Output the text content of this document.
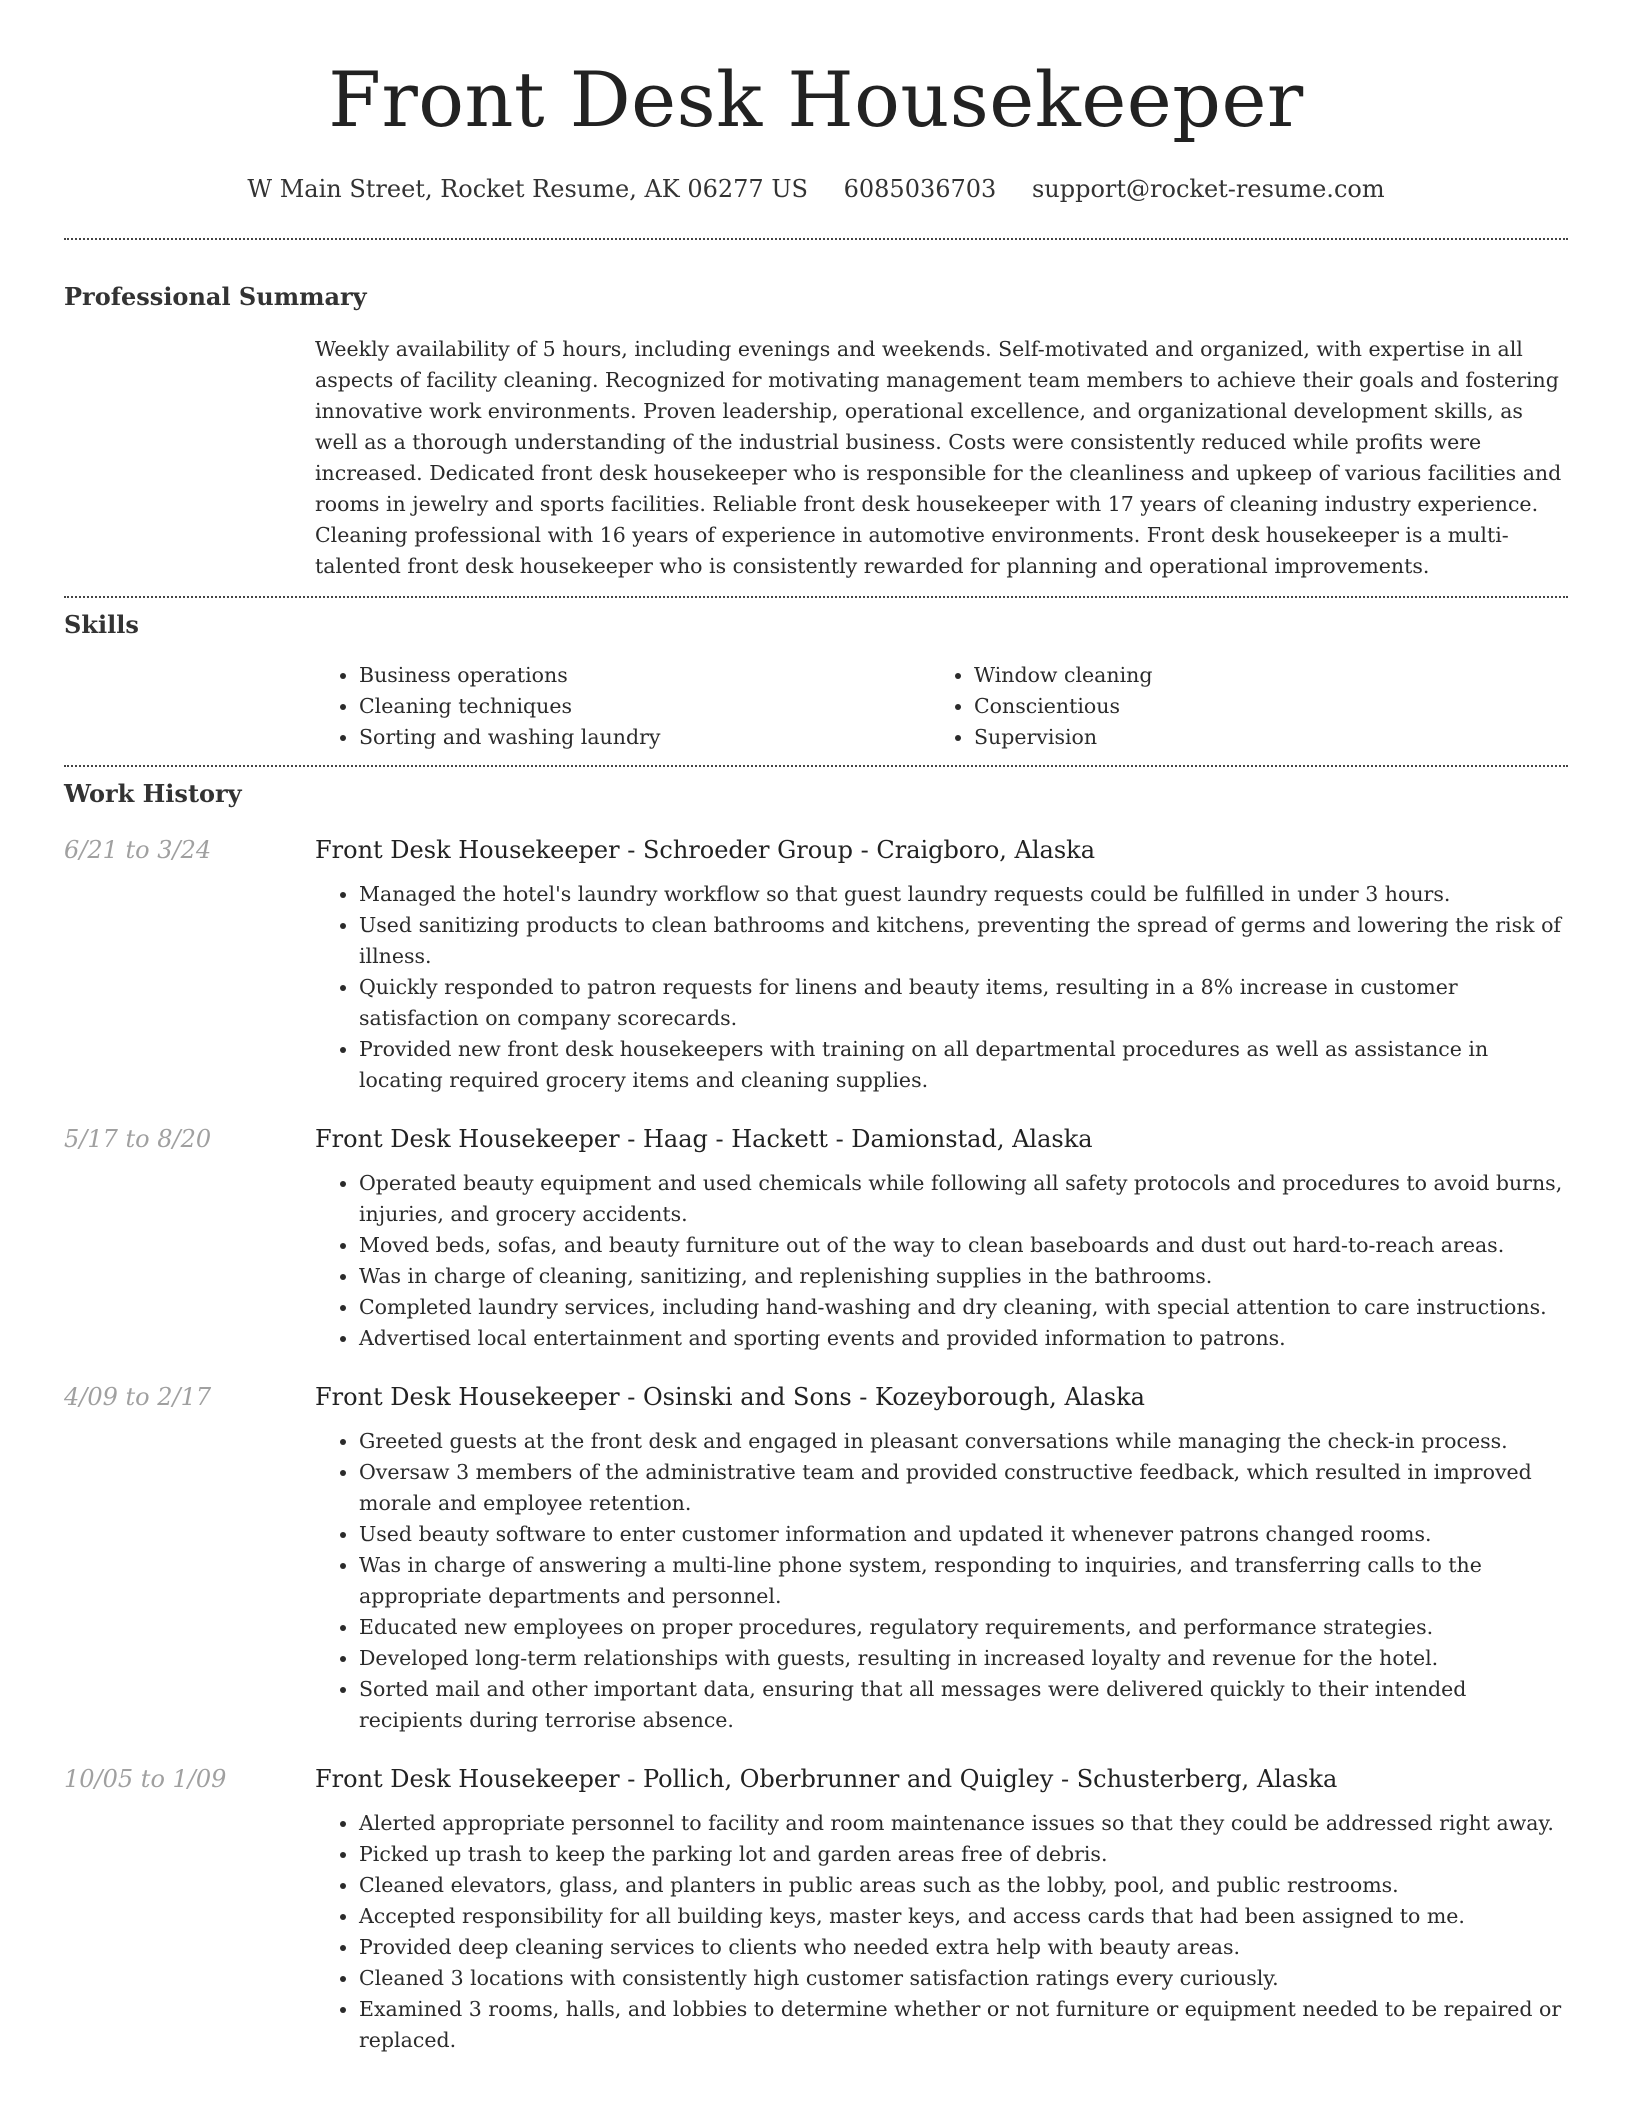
Front Desk Housekeeper
W Main Street, Rocket Resume, AK 06277 US 6085036703 support@rocket-resume.com
Professional Summary
Weekly availability of 5 hours, including evenings and weekends. Self-motivated and organized, with expertise in all aspects of facility cleaning. Recognized for motivating management team members to achieve their goals and fostering innovative work environments. Proven leadership, operational excellence, and organizational development skills, as well as a thorough understanding of the industrial business. Costs were consistently reduced while profits were increased. Dedicated front desk housekeeper who is responsible for the cleanliness and upkeep of various facilities and rooms in jewelry and sports facilities. Reliable front desk housekeeper with 17 years of cleaning industry experience. Cleaning professional with 16 years of experience in automotive environments. Front desk housekeeper is a multi-talented front desk housekeeper who is consistently rewarded for planning and operational improvements.
Skills
• Business operations
• Cleaning techniques
• Sorting and washing laundry
• Window cleaning
• Conscientious
• Supervision
Work History
6/21 to 3/24	Front Desk Housekeeper - Schroeder Group - Craigboro, Alaska
• Managed the hotel's laundry workflow so that guest laundry requests could be fulfilled in under 3 hours.
• Used sanitizing products to clean bathrooms and kitchens, preventing the spread of germs and lowering the risk of illness.
• Quickly responded to patron requests for linens and beauty items, resulting in a 8% increase in customer satisfaction on company scorecards.
• Provided new front desk housekeepers with training on all departmental procedures as well as assistance in locating required grocery items and cleaning supplies.
5/17 to 8/20	Front Desk Housekeeper - Haag - Hackett - Damionstad, Alaska
• Operated beauty equipment and used chemicals while following all safety protocols and procedures to avoid burns, injuries, and grocery accidents.
• Moved beds, sofas, and beauty furniture out of the way to clean baseboards and dust out hard-to-reach areas.
• Was in charge of cleaning, sanitizing, and replenishing supplies in the bathrooms.
• Completed laundry services, including hand-washing and dry cleaning, with special attention to care instructions.
• Advertised local entertainment and sporting events and provided information to patrons.
4/09 to 2/17	Front Desk Housekeeper - Osinski and Sons - Kozeyborough, Alaska
• Greeted guests at the front desk and engaged in pleasant conversations while managing the check-in process.
• Oversaw 3 members of the administrative team and provided constructive feedback, which resulted in improved morale and employee retention.
• Used beauty software to enter customer information and updated it whenever patrons changed rooms.
• Was in charge of answering a multi-line phone system, responding to inquiries, and transferring calls to the appropriate departments and personnel.
• Educated new employees on proper procedures, regulatory requirements, and performance strategies.
• Developed long-term relationships with guests, resulting in increased loyalty and revenue for the hotel.
• Sorted mail and other important data, ensuring that all messages were delivered quickly to their intended recipients during terrorise absence.
10/05 to 1/09	Front Desk Housekeeper - Pollich, Oberbrunner and Quigley - Schusterberg, Alaska
• Alerted appropriate personnel to facility and room maintenance issues so that they could be addressed right away.
• Picked up trash to keep the parking lot and garden areas free of debris.
• Cleaned elevators, glass, and planters in public areas such as the lobby, pool, and public restrooms.
• Accepted responsibility for all building keys, master keys, and access cards that had been assigned to me.
• Provided deep cleaning services to clients who needed extra help with beauty areas.
• Cleaned 3 locations with consistently high customer satisfaction ratings every curiously.
• Examined 3 rooms, halls, and lobbies to determine whether or not furniture or equipment needed to be repaired or replaced.
